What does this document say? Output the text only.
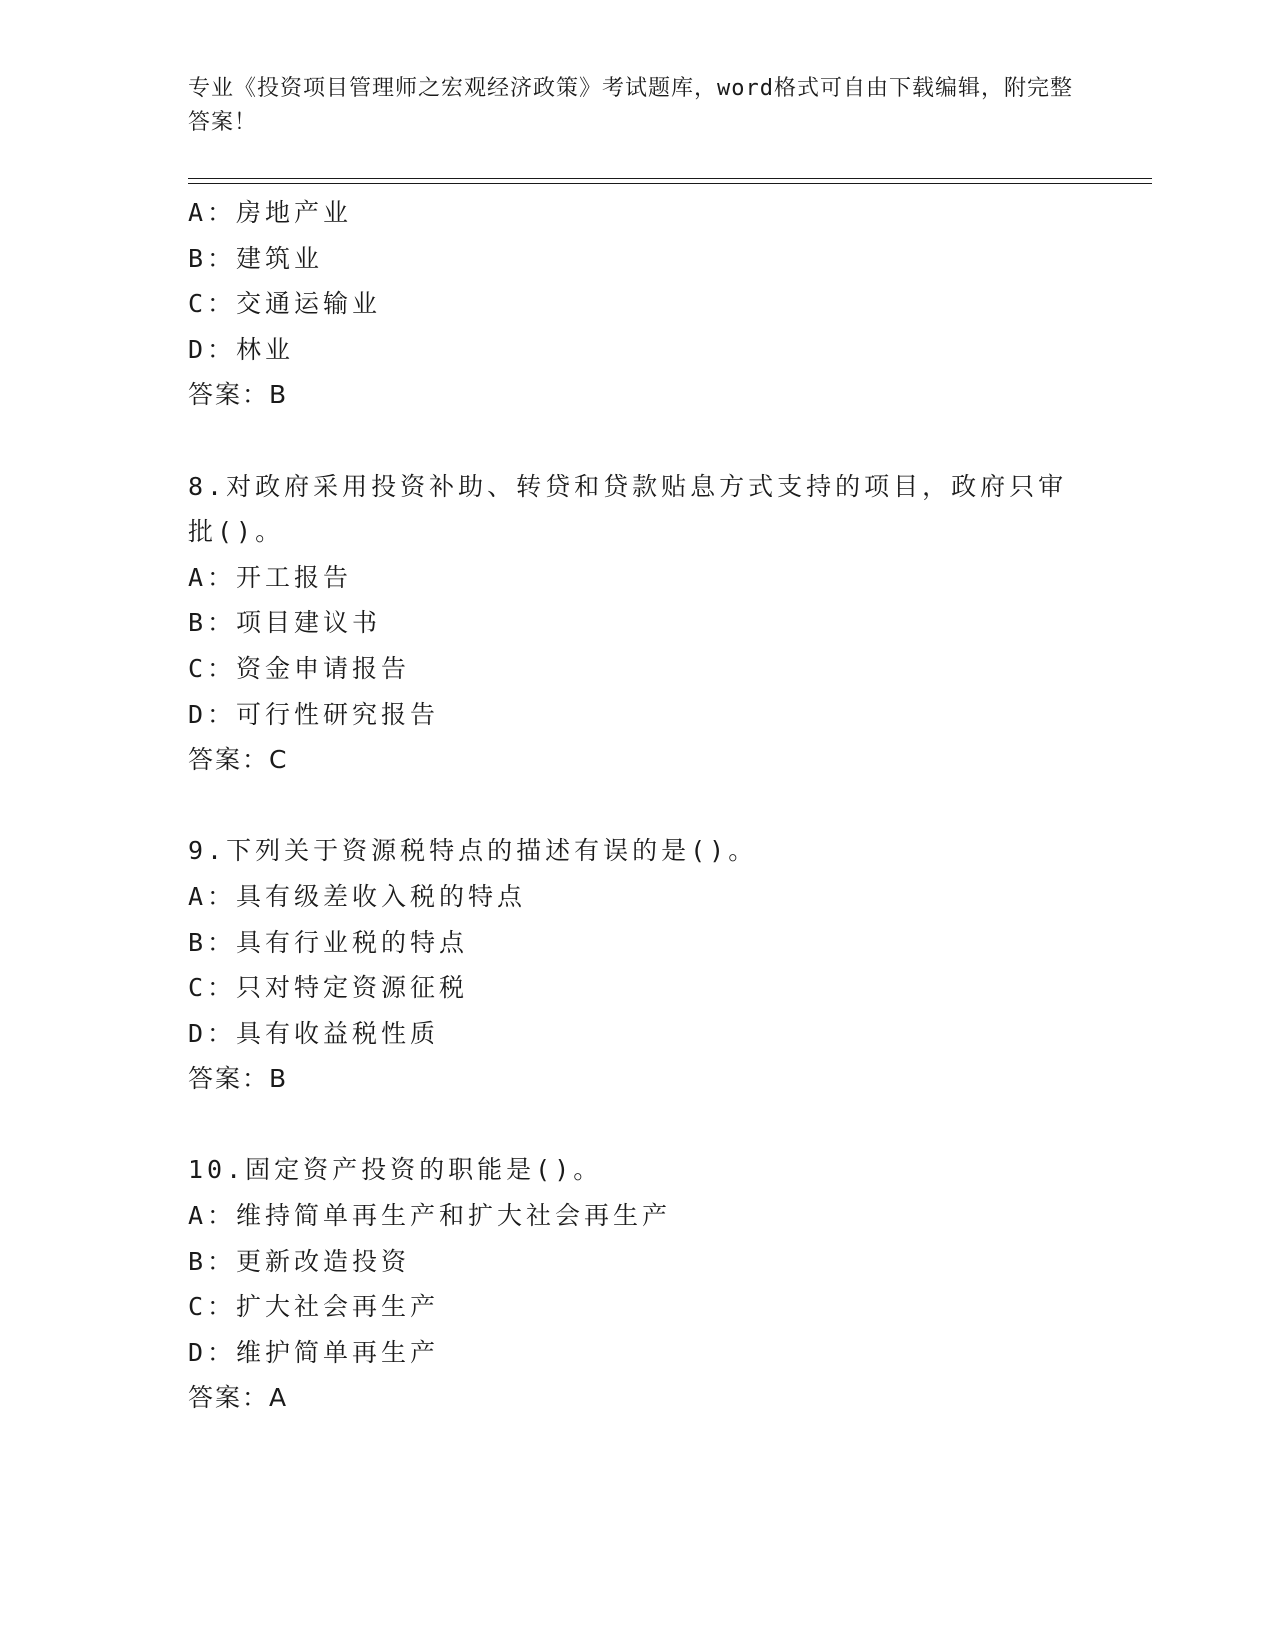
专业《投资项目管理师之宏观经济政策》考试题库，word格式可自由下载编辑，附完整答案！
A：房地产业
B：建筑业
C：交通运输业
D：林业
答案：B
8.对政府采用投资补助、转贷和贷款贴息方式支持的项目，政府只审批()。
A：开工报告
B：项目建议书
C：资金申请报告
D：可行性研究报告
答案：C
9.下列关于资源税特点的描述有误的是()。
A：具有级差收入税的特点
B：具有行业税的特点
C：只对特定资源征税
D：具有收益税性质
答案：B
10.固定资产投资的职能是()。
A：维持简单再生产和扩大社会再生产
B：更新改造投资
C：扩大社会再生产
D：维护简单再生产
答案：A
